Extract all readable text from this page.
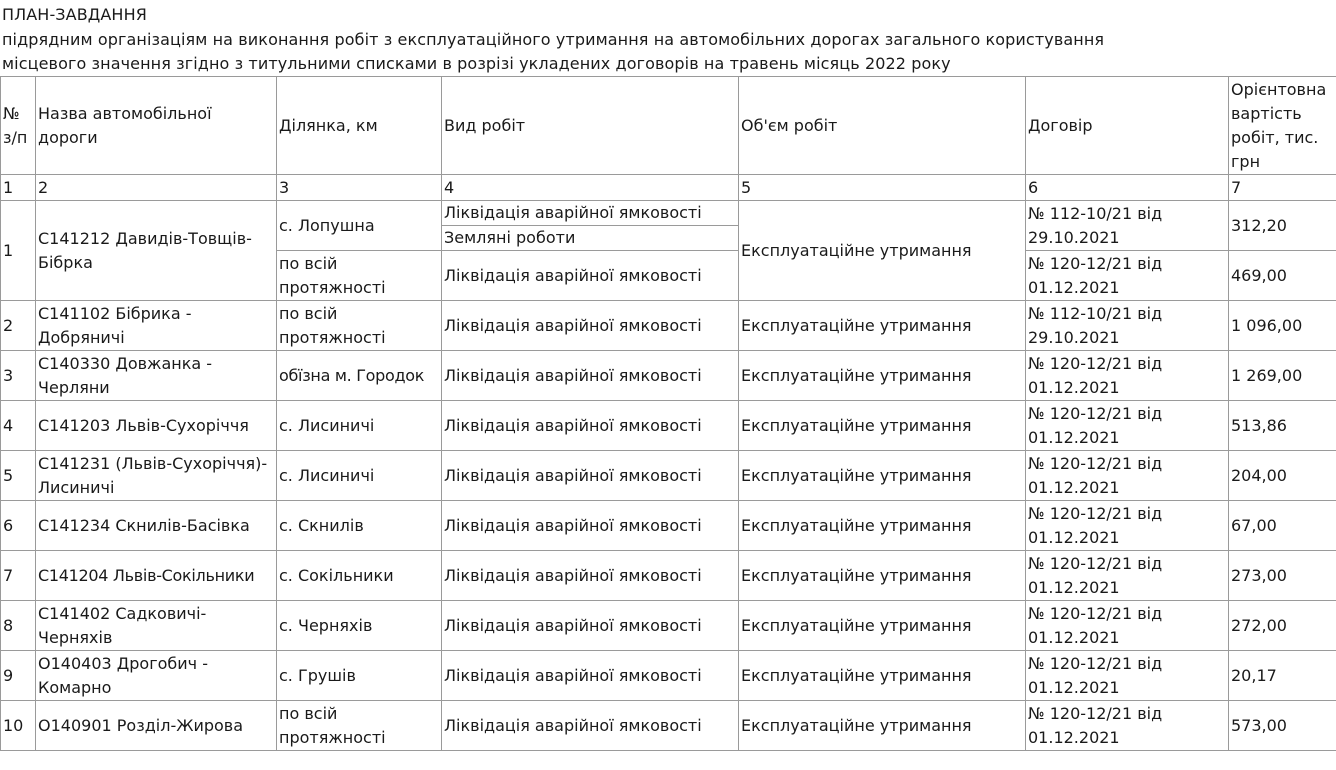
ПЛАН-ЗАВДАННЯ
підрядним організаціям на виконання робіт з експлуатаційного утримання на автомобільних дорогах загального користування
місцевого значення згідно з титульними списками в розрізі укладених договорів на травень місяць 2022 року
№ з/п	Назва автомобільної дороги	Ділянка, км	Вид робіт	Об'єм робіт	Договір	Орієнтовна вартість робіт, тис. грн
1	2	3	4	5	6	7
1	С141212 Давидів-Товщів-Бібрка	с. Лопушна	Ліквідація аварійної ямковості	Експлуатаційне утримання	№ 112-10/21 від 29.10.2021	312,20
			Земляні роботи			
		по всій протяжності	Ліквідація аварійної ямковості		№ 120-12/21 від 01.12.2021	469,00
2	С141102 Бібрика - Добряничі	по всій протяжності	Ліквідація аварійної ямковості	Експлуатаційне утримання	№ 112-10/21 від 29.10.2021	1 096,00
3	С140330 Довжанка - Черляни	обїзна м. Городок	Ліквідація аварійної ямковості	Експлуатаційне утримання	№ 120-12/21 від 01.12.2021	1 269,00
4	С141203 Львів-Сухоріччя	с. Лисиничі	Ліквідація аварійної ямковості	Експлуатаційне утримання	№ 120-12/21 від 01.12.2021	513,86
5	С141231 (Львів-Сухоріччя)-Лисиничі	с. Лисиничі	Ліквідація аварійної ямковості	Експлуатаційне утримання	№ 120-12/21 від 01.12.2021	204,00
6	С141234 Скнилів-Басівка	с. Скнилів	Ліквідація аварійної ямковості	Експлуатаційне утримання	№ 120-12/21 від 01.12.2021	67,00
7	С141204 Львів-Сокільники	с. Сокільники	Ліквідація аварійної ямковості	Експлуатаційне утримання	№ 120-12/21 від 01.12.2021	273,00
8	С141402 Садковичі-Черняхів	с. Черняхів	Ліквідація аварійної ямковості	Експлуатаційне утримання	№ 120-12/21 від 01.12.2021	272,00
9	О140403 Дрогобич - Комарно	с. Грушів	Ліквідація аварійної ямковості	Експлуатаційне утримання	№ 120-12/21 від 01.12.2021	20,17
10	О140901 Розділ-Жирова	по всій протяжності	Ліквідація аварійної ямковості	Експлуатаційне утримання	№ 120-12/21 від 01.12.2021	573,00
